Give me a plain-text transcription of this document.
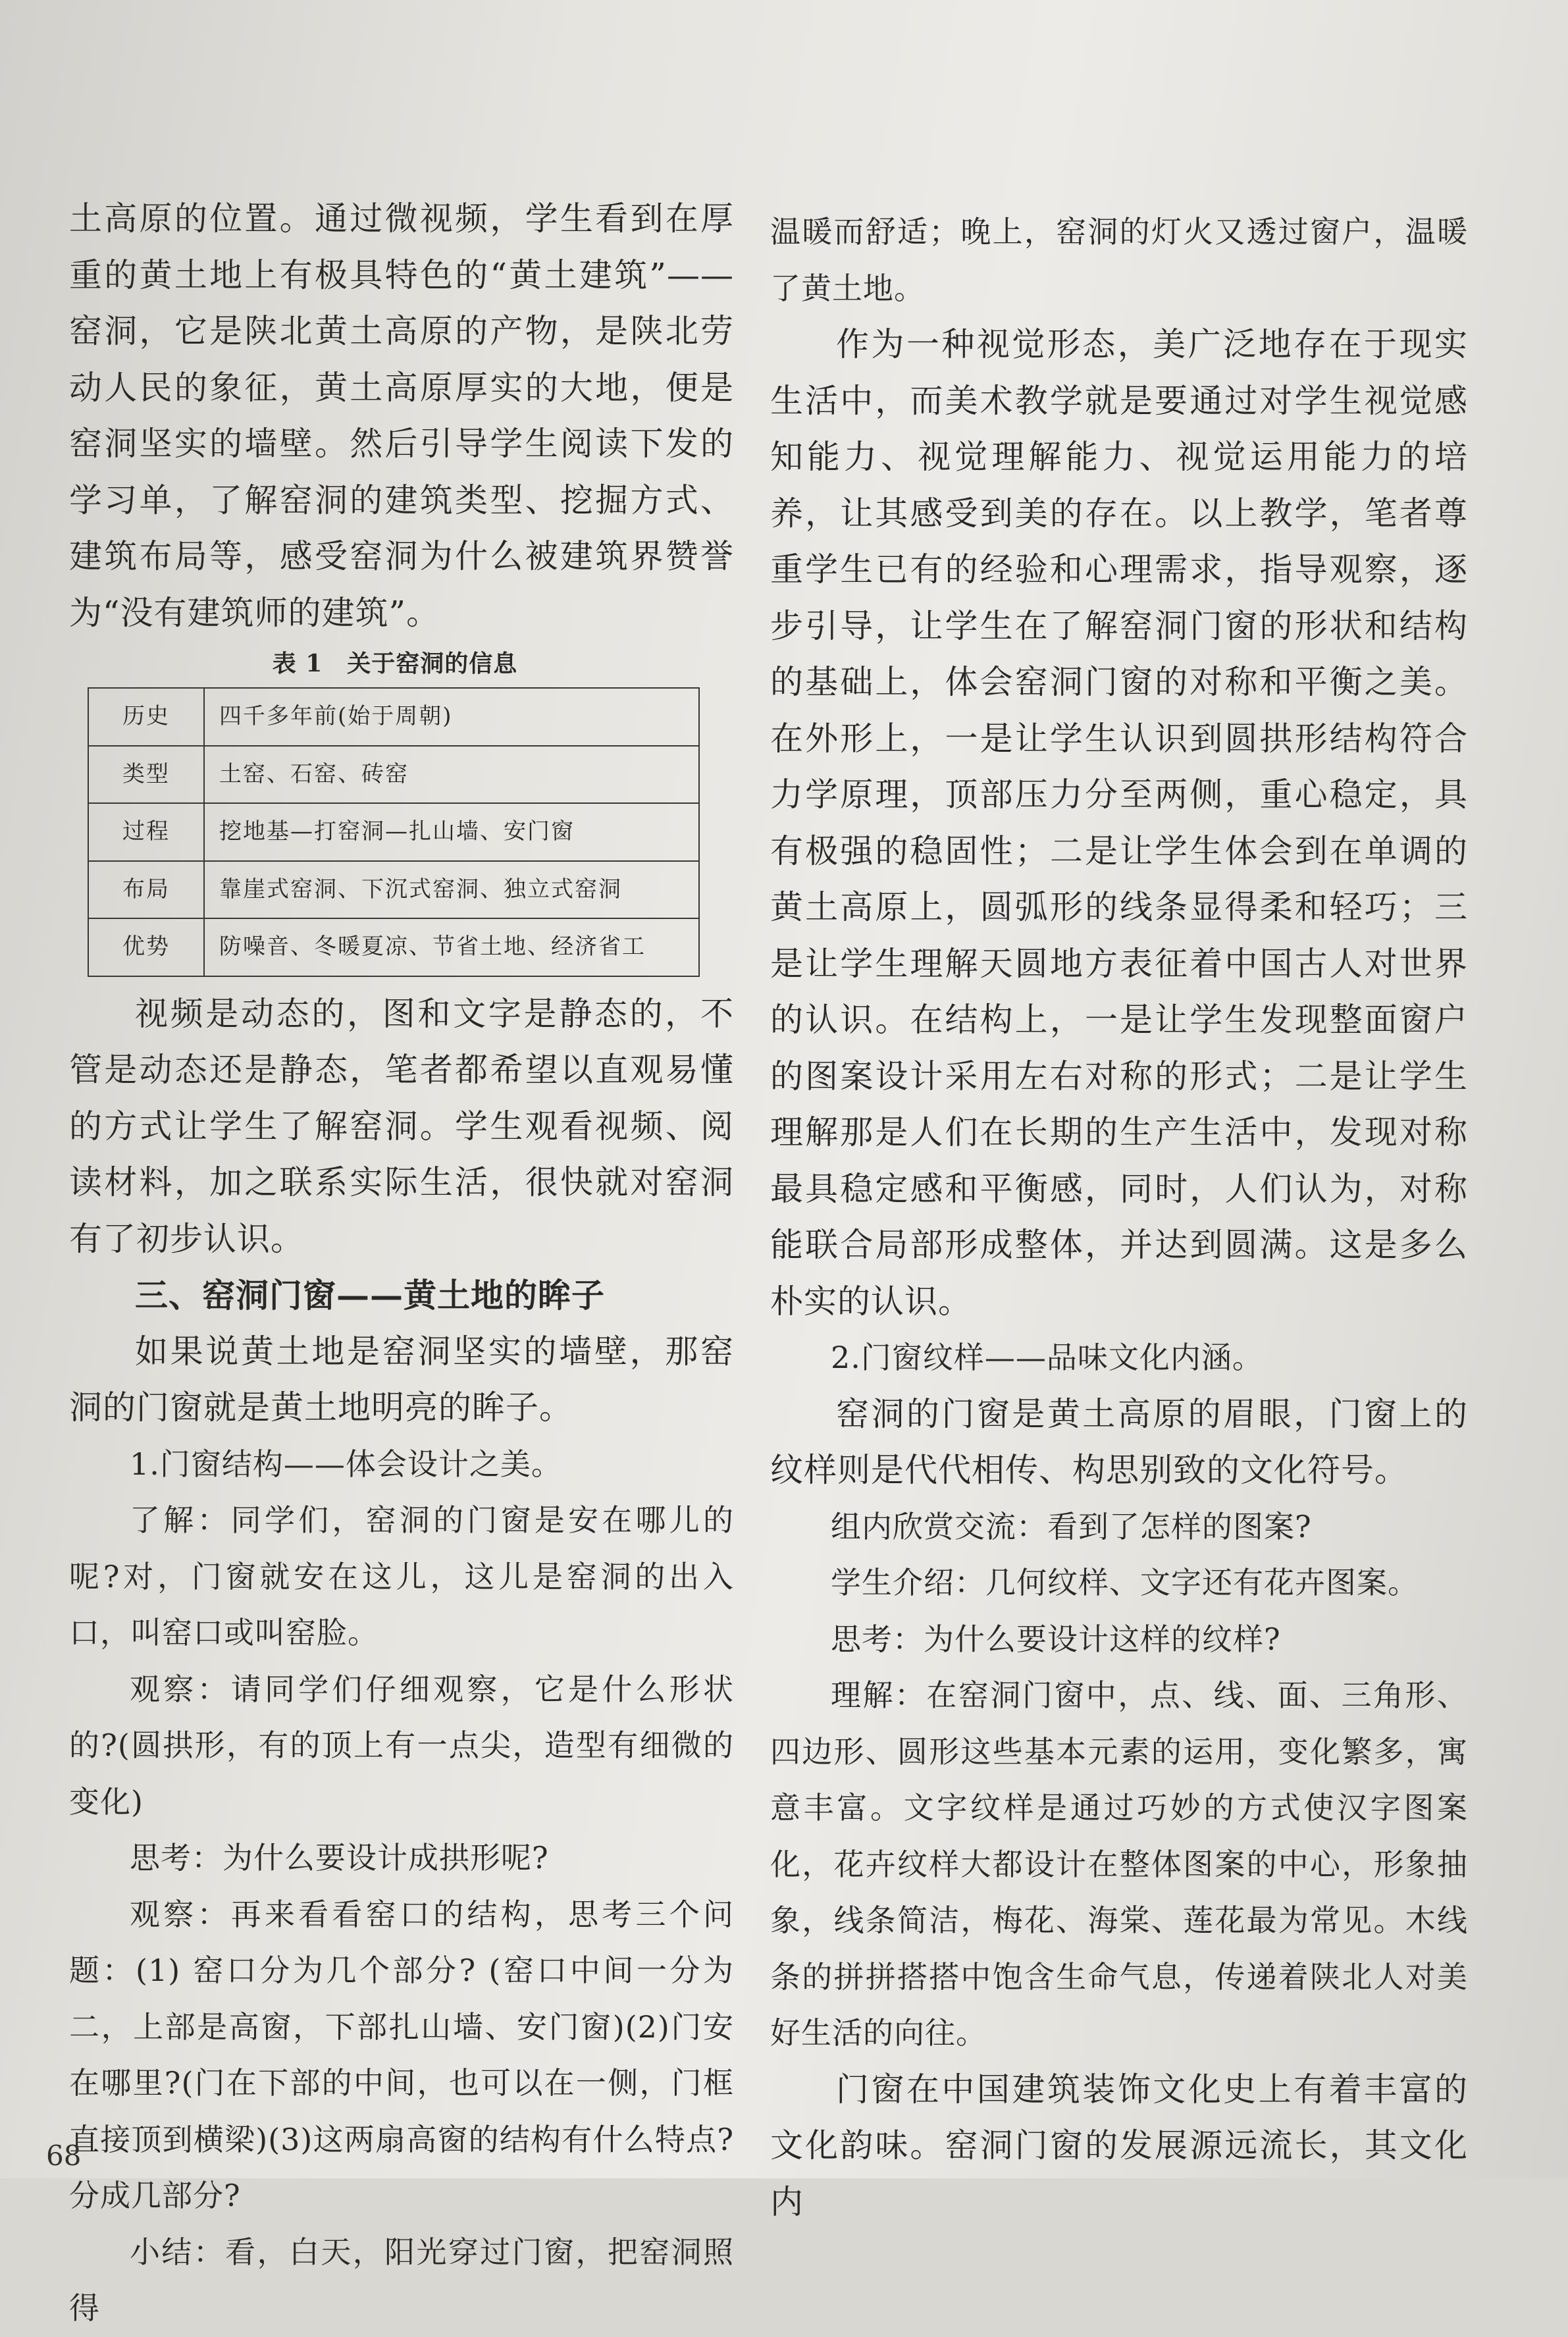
土高原的位置。通过微视频，学生看到在厚重的黄土地上有极具特色的“黄土建筑”——窑洞，它是陕北黄土高原的产物，是陕北劳动人民的象征，黄土高原厚实的大地，便是窑洞坚实的墙壁。然后引导学生阅读下发的学习单，了解窑洞的建筑类型、挖掘方式、建筑布局等，感受窑洞为什么被建筑界赞誉为“没有建筑师的建筑”。

表 1　关于窑洞的信息
历史	四千多年前(始于周朝)
类型	土窑、石窑、砖窑
过程	挖地基—打窑洞—扎山墙、安门窗
布局	靠崖式窑洞、下沉式窑洞、独立式窑洞
优势	防噪音、冬暖夏凉、节省土地、经济省工

视频是动态的，图和文字是静态的，不管是动态还是静态，笔者都希望以直观易懂的方式让学生了解窑洞。学生观看视频、阅读材料，加之联系实际生活，很快就对窑洞有了初步认识。

三、窑洞门窗——黄土地的眸子

如果说黄土地是窑洞坚实的墙壁，那窑洞的门窗就是黄土地明亮的眸子。

1.门窗结构——体会设计之美。

了解：同学们，窑洞的门窗是安在哪儿的呢?对，门窗就安在这儿，这儿是窑洞的出入口，叫窑口或叫窑脸。

观察：请同学们仔细观察，它是什么形状的?(圆拱形，有的顶上有一点尖，造型有细微的变化)

思考：为什么要设计成拱形呢?

观察：再来看看窑口的结构，思考三个问题：(1) 窑口分为几个部分? (窑口中间一分为二，上部是高窗，下部扎山墙、安门窗)(2)门安在哪里?(门在下部的中间，也可以在一侧，门框直接顶到横梁)(3)这两扇高窗的结构有什么特点? 分成几部分?

小结：看，白天，阳光穿过门窗，把窑洞照得

温暖而舒适；晚上，窑洞的灯火又透过窗户，温暖了黄土地。

作为一种视觉形态，美广泛地存在于现实生活中，而美术教学就是要通过对学生视觉感知能力、视觉理解能力、视觉运用能力的培养，让其感受到美的存在。以上教学，笔者尊重学生已有的经验和心理需求，指导观察，逐步引导，让学生在了解窑洞门窗的形状和结构的基础上，体会窑洞门窗的对称和平衡之美。在外形上，一是让学生认识到圆拱形结构符合力学原理，顶部压力分至两侧，重心稳定，具有极强的稳固性；二是让学生体会到在单调的黄土高原上，圆弧形的线条显得柔和轻巧；三是让学生理解天圆地方表征着中国古人对世界的认识。在结构上，一是让学生发现整面窗户的图案设计采用左右对称的形式；二是让学生理解那是人们在长期的生产生活中，发现对称最具稳定感和平衡感，同时，人们认为，对称能联合局部形成整体，并达到圆满。这是多么朴实的认识。

2.门窗纹样——品味文化内涵。

窑洞的门窗是黄土高原的眉眼，门窗上的纹样则是代代相传、构思别致的文化符号。

组内欣赏交流：看到了怎样的图案?

学生介绍：几何纹样、文字还有花卉图案。

思考：为什么要设计这样的纹样?

理解：在窑洞门窗中，点、线、面、三角形、四边形、圆形这些基本元素的运用，变化繁多，寓意丰富。文字纹样是通过巧妙的方式使汉字图案化，花卉纹样大都设计在整体图案的中心，形象抽象，线条简洁，梅花、海棠、莲花最为常见。木线条的拼拼搭搭中饱含生命气息，传递着陕北人对美好生活的向往。

门窗在中国建筑装饰文化史上有着丰富的文化韵味。窑洞门窗的发展源远流长，其文化内

68
